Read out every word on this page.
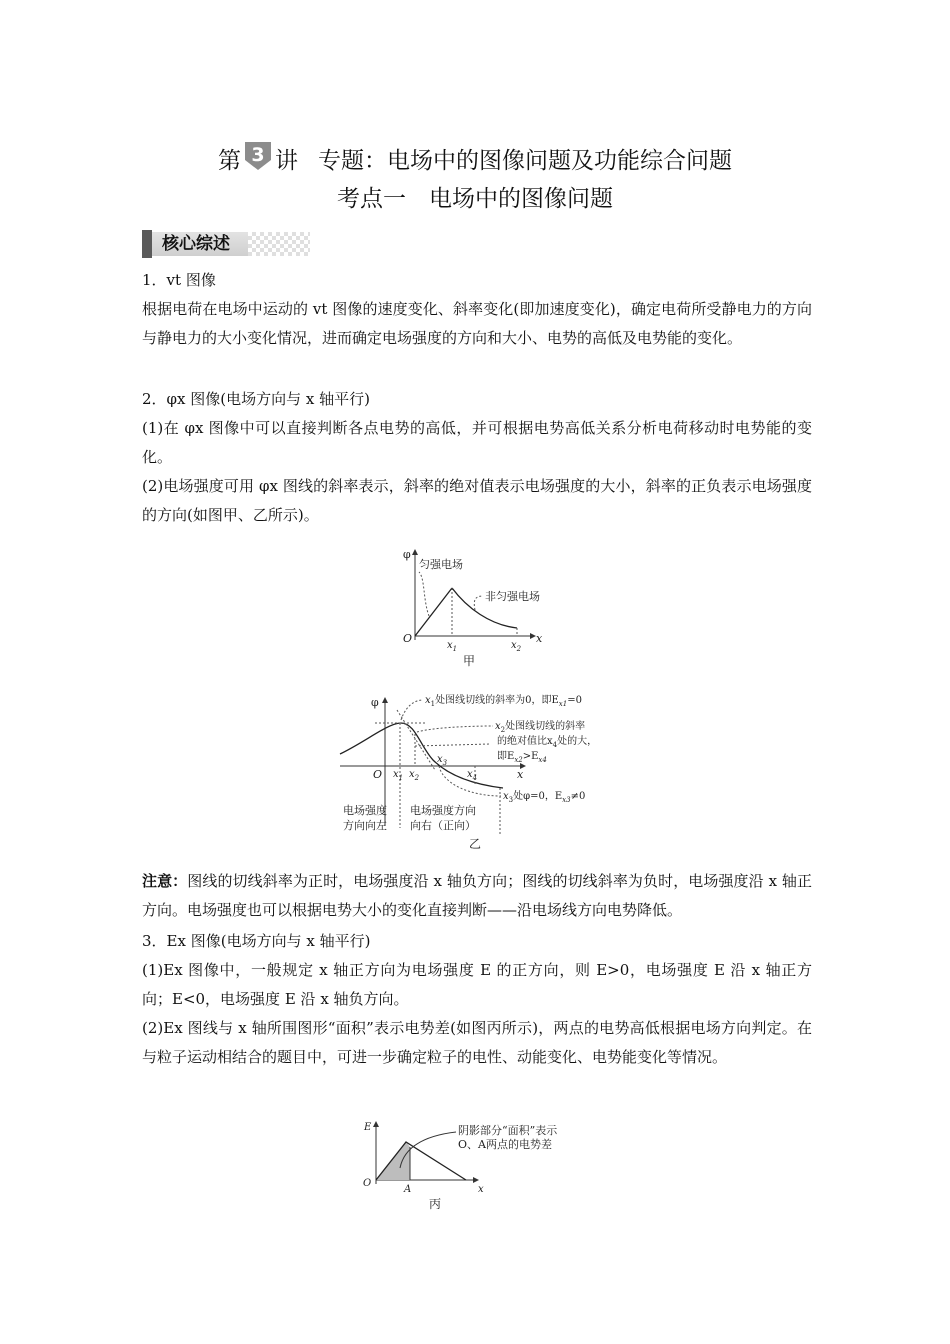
第 3 讲 专题：电场中的图像问题及功能综合问题
考点一　电场中的图像问题
核心综述

1．vt 图像

根据电荷在电场中运动的 vt 图像的速度变化、斜率变化(即加速度变化)，确定电荷所受静电力的方向与静电力的大小变化情况，进而确定电场强度的方向和大小、电势的高低及电势能的变化。

2．φx 图像(电场方向与 x 轴平行)

(1)在 φx 图像中可以直接判断各点电势的高低，并可根据电势高低关系分析电荷移动时电势能的变化。

(2)电场强度可用 φx 图线的斜率表示，斜率的绝对值表示电场强度的大小，斜率的正负表示电场强度的方向(如图甲、乙所示)。

φ
O	x
$x_1$	$x_2$
匀强电场
非匀强电场
甲
φ
O	x
$x_1$ $x_2$
$x_3$
$x_4$
$x_1$处图线切线的斜率为0，即$E_{x1}=0$
$x_2$处图线切线的斜率
的绝对值比$x_4$处的大，
即$E_{x2}>E_{x4}$
$x_3$处φ=0，$E_{x3}\ne 0$
电场强度
方向向左
电场强度方向
向右（正向）
乙

注意：图线的切线斜率为正时，电场强度沿 x 轴负方向；图线的切线斜率为负时，电场强度沿 x 轴正方向。电场强度也可以根据电势大小的变化直接判断——沿电场线方向电势降低。

3．Ex 图像(电场方向与 x 轴平行)

(1)Ex 图像中，一般规定 x 轴正方向为电场强度 E 的正方向，则 E>0，电场强度 E 沿 x 轴正方向；E<0，电场强度 E 沿 x 轴负方向。

(2)Ex 图线与 x 轴所围图形“面积”表示电势差(如图丙所示)，两点的电势高低根据电场方向判定。在与粒子运动相结合的题目中，可进一步确定粒子的电性、动能变化、电势能变化等情况。

E
O
x
A
阴影部分“面积”表示
O、A两点的电势差
丙
